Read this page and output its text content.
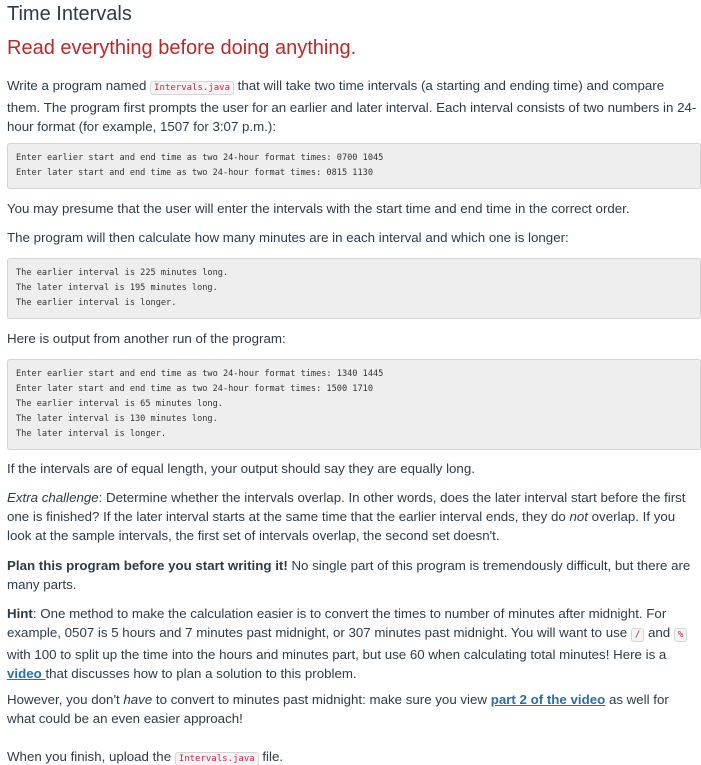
Time Intervals
Read everything before doing anything.

Write a program named Intervals.java that will take two time intervals (a starting and ending time) and compare them. The program first prompts the user for an earlier and later interval. Each interval consists of two numbers in 24-hour format (for example, 1507 for 3:07 p.m.):

Enter earlier start and end time as two 24-hour format times: 0700 1045
Enter later start and end time as two 24-hour format times: 0815 1130

You may presume that the user will enter the intervals with the start time and end time in the correct order.

The program will then calculate how many minutes are in each interval and which one is longer:

The earlier interval is 225 minutes long.
The later interval is 195 minutes long.
The earlier interval is longer.

Here is output from another run of the program:

Enter earlier start and end time as two 24-hour format times: 1340 1445
Enter later start and end time as two 24-hour format times: 1500 1710
The earlier interval is 65 minutes long.
The later interval is 130 minutes long.
The later interval is longer.

If the intervals are of equal length, your output should say they are equally long.

Extra challenge: Determine whether the intervals overlap. In other words, does the later interval start before the first one is finished? If the later interval starts at the same time that the earlier interval ends, they do not overlap. If you look at the sample intervals, the first set of intervals overlap, the second set doesn't.

Plan this program before you start writing it! No single part of this program is tremendously difficult, but there are many parts.

Hint: One method to make the calculation easier is to convert the times to number of minutes after midnight. For example, 0507 is 5 hours and 7 minutes past midnight, or 307 minutes past midnight. You will want to use / and % with 100 to split up the time into the hours and minutes part, but use 60 when calculating total minutes! Here is a video that discusses how to plan a solution to this problem.

However, you don't have to convert to minutes past midnight: make sure you view part 2 of the video as well for what could be an even easier approach!

When you finish, upload the Intervals.java file.
